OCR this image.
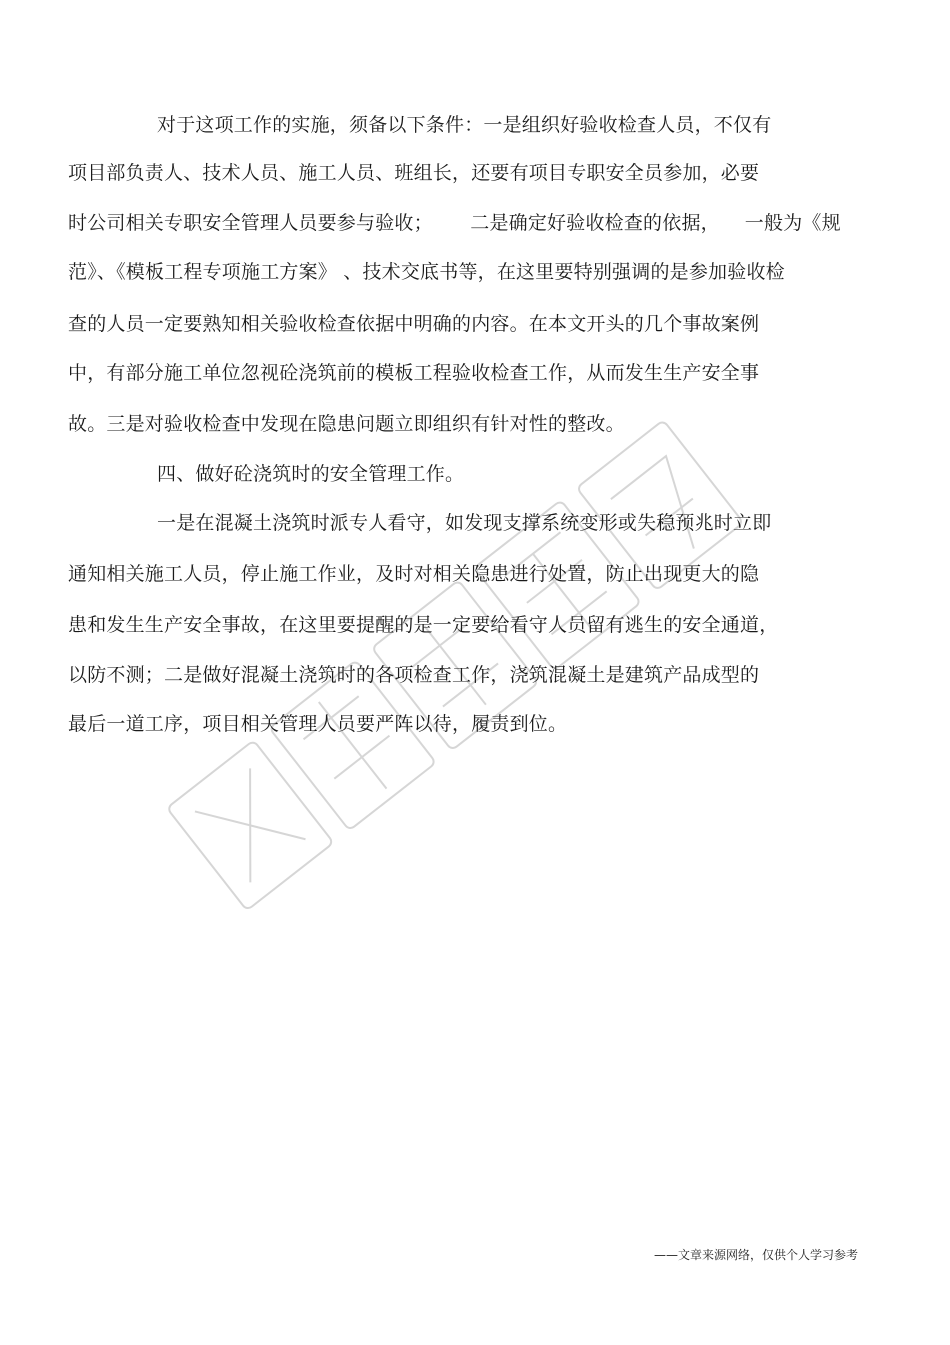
对于这项工作的实施，须备以下条件：一是组织好验收检查人员，不仅有
项目部负责人、技术人员、施工人员、班组长，还要有项目专职安全员参加，必要
时公司相关专职安全管理人员要参与验收；      二是确定好验收检查的依据，    一般为《规
范》、《模板工程专项施工方案》 、技术交底书等，在这里要特别强调的是参加验收检
查的人员一定要熟知相关验收检查依据中明确的内容。在本文开头的几个事故案例
中，有部分施工单位忽视砼浇筑前的模板工程验收检查工作，从而发生生产安全事
故。三是对验收检查中发现在隐患问题立即组织有针对性的整改。
四、做好砼浇筑时的安全管理工作。
一是在混凝土浇筑时派专人看守，如发现支撑系统变形或失稳预兆时立即
通知相关施工人员，停止施工作业，及时对相关隐患进行处置，防止出现更大的隐
患和发生生产安全事故，在这里要提醒的是一定要给看守人员留有逃生的安全通道，
以防不测；二是做好混凝土浇筑时的各项检查工作，浇筑混凝土是建筑产品成型的
最后一道工序，项目相关管理人员要严阵以待，履责到位。
——文章来源网络，仅供个人学习参考
